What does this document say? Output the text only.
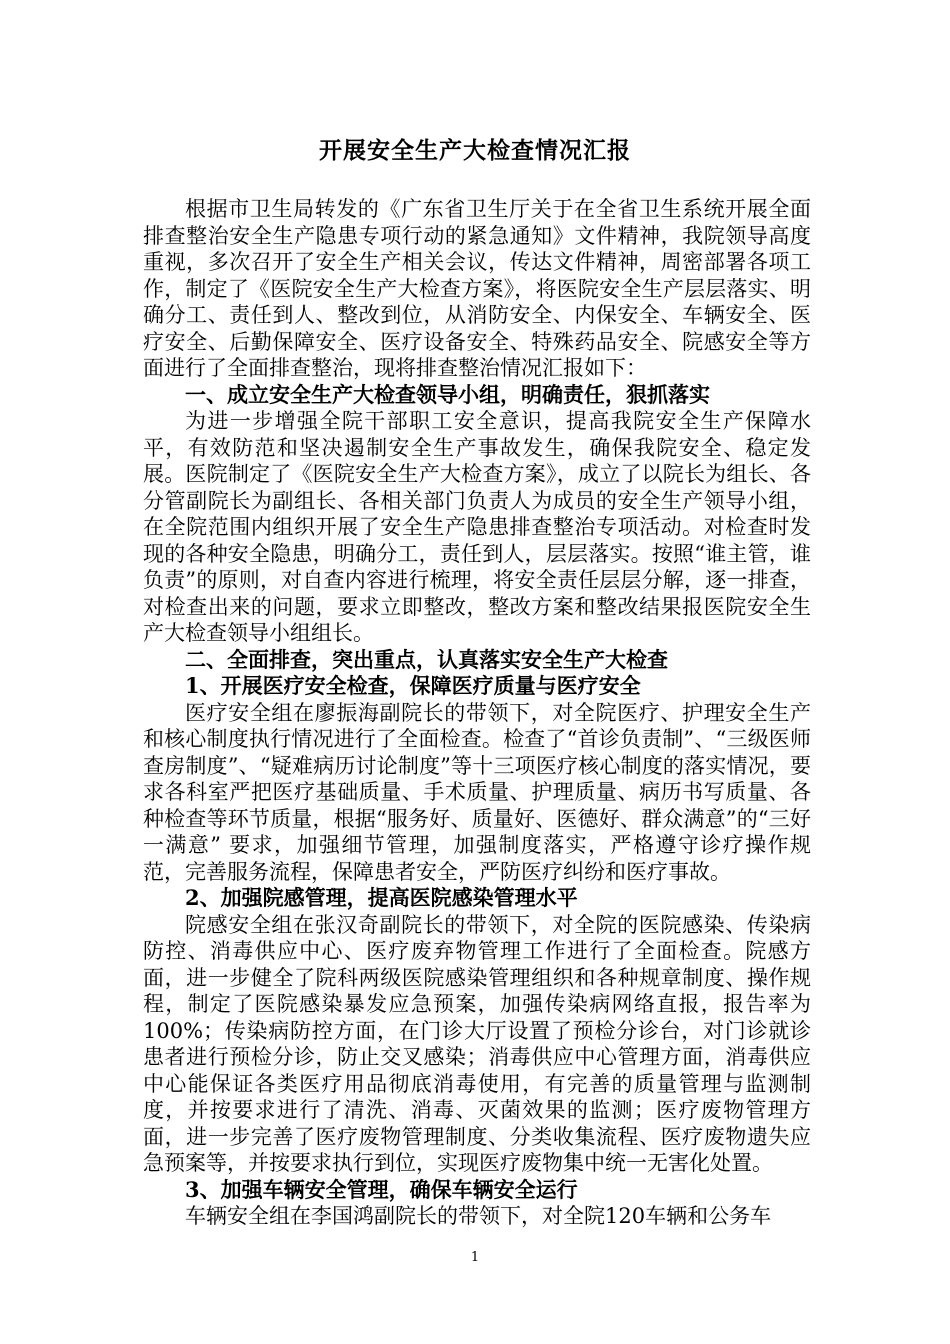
开展安全生产大检查情况汇报

根据市卫生局转发的《广东省卫生厅关于在全省卫生系统开展全面排查整治安全生产隐患专项行动的紧急通知》文件精神，我院领导高度重视，多次召开了安全生产相关会议，传达文件精神，周密部署各项工作，制定了《医院安全生产大检查方案》，将医院安全生产层层落实、明确分工、责任到人、整改到位，从消防安全、内保安全、车辆安全、医疗安全、后勤保障安全、医疗设备安全、特殊药品安全、院感安全等方面进行了全面排查整治，现将排查整治情况汇报如下：

一、成立安全生产大检查领导小组，明确责任，狠抓落实

为进一步增强全院干部职工安全意识，提高我院安全生产保障水平，有效防范和坚决遏制安全生产事故发生，确保我院安全、稳定发展。医院制定了《医院安全生产大检查方案》，成立了以院长为组长、各分管副院长为副组长、各相关部门负责人为成员的安全生产领导小组，在全院范围内组织开展了安全生产隐患排查整治专项活动。对检查时发现的各种安全隐患，明确分工，责任到人，层层落实。按照“谁主管，谁负责”的原则，对自查内容进行梳理，将安全责任层层分解，逐一排查，对检查出来的问题，要求立即整改，整改方案和整改结果报医院安全生产大检查领导小组组长。

二、全面排查，突出重点，认真落实安全生产大检查
1、开展医疗安全检查，保障医疗质量与医疗安全

医疗安全组在廖振海副院长的带领下，对全院医疗、护理安全生产和核心制度执行情况进行了全面检查。检查了“首诊负责制”、“三级医师查房制度”、“疑难病历讨论制度”等十三项医疗核心制度的落实情况，要求各科室严把医疗基础质量、手术质量、护理质量、病历书写质量、各种检查等环节质量，根据“服务好、质量好、医德好、群众满意”的“三好一满意” 要求，加强细节管理，加强制度落实，严格遵守诊疗操作规范，完善服务流程，保障患者安全，严防医疗纠纷和医疗事故。

2、加强院感管理，提高医院感染管理水平

院感安全组在张汉奇副院长的带领下，对全院的医院感染、传染病防控、消毒供应中心、医疗废弃物管理工作进行了全面检查。院感方面，进一步健全了院科两级医院感染管理组织和各种规章制度、操作规程，制定了医院感染暴发应急预案，加强传染病网络直报，报告率为100%；传染病防控方面，在门诊大厅设置了预检分诊台，对门诊就诊患者进行预检分诊，防止交叉感染；消毒供应中心管理方面，消毒供应中心能保证各类医疗用品彻底消毒使用，有完善的质量管理与监测制度，并按要求进行了清洗、消毒、灭菌效果的监测；医疗废物管理方面，进一步完善了医疗废物管理制度、分类收集流程、医疗废物遗失应急预案等，并按要求执行到位，实现医疗废物集中统一无害化处置。

3、加强车辆安全管理，确保车辆安全运行

车辆安全组在李国鸿副院长的带领下，对全院120车辆和公务车

1
